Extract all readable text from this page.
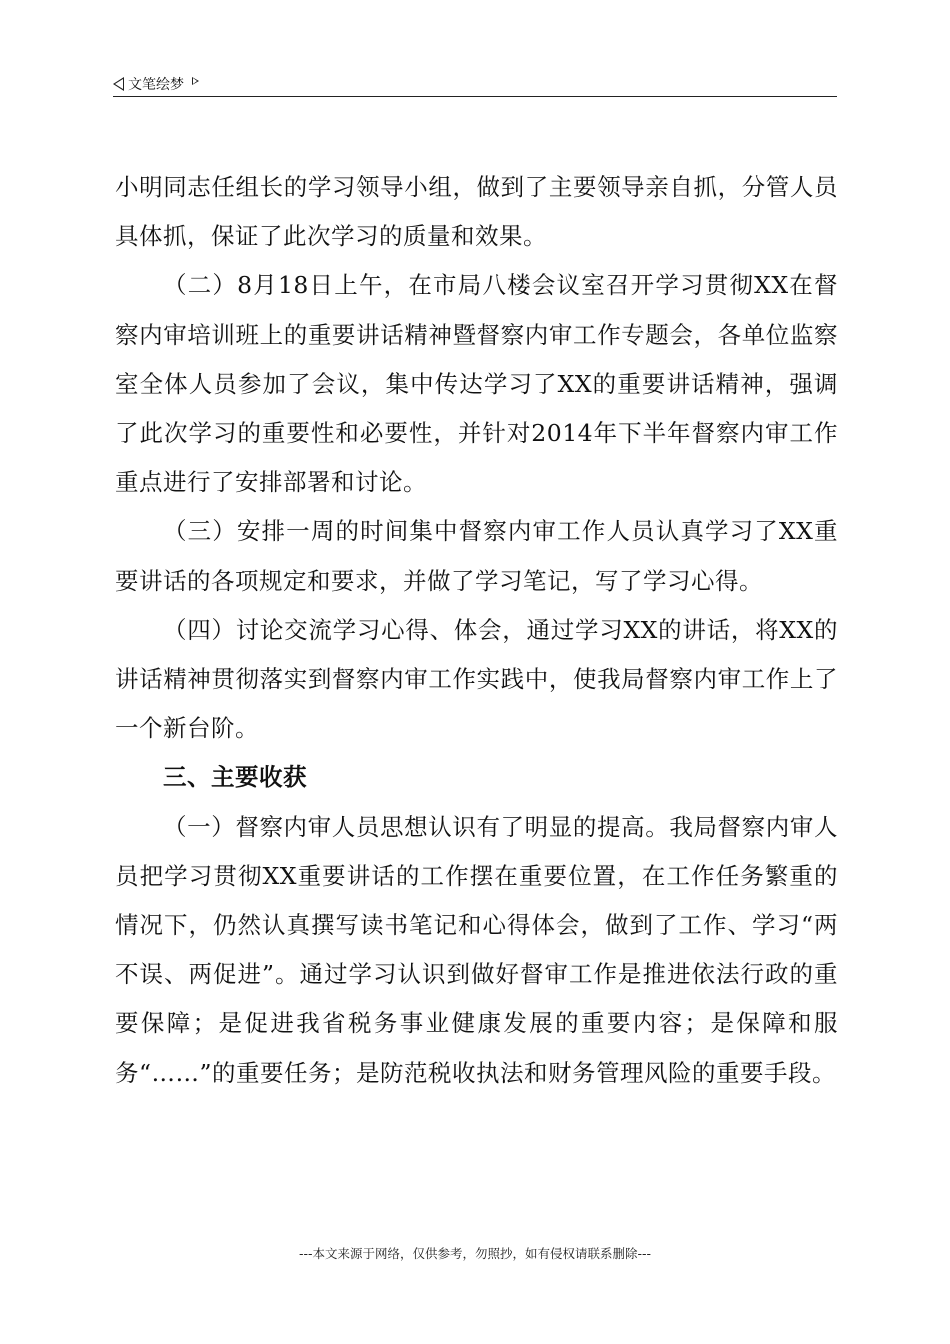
文笔绘梦

小明同志任组长的学习领导小组，做到了主要领导亲自抓，分管人员具体抓，保证了此次学习的质量和效果。

（二）8月18日上午，在市局八楼会议室召开学习贯彻XX在督察内审培训班上的重要讲话精神暨督察内审工作专题会，各单位监察室全体人员参加了会议，集中传达学习了XX的重要讲话精神，强调了此次学习的重要性和必要性，并针对2014年下半年督察内审工作重点进行了安排部署和讨论。

（三）安排一周的时间集中督察内审工作人员认真学习了XX重要讲话的各项规定和要求，并做了学习笔记，写了学习心得。

（四）讨论交流学习心得、体会，通过学习XX的讲话，将XX的讲话精神贯彻落实到督察内审工作实践中，使我局督察内审工作上了一个新台阶。

三、主要收获

（一）督察内审人员思想认识有了明显的提高。我局督察内审人员把学习贯彻XX重要讲话的工作摆在重要位置，在工作任务繁重的情况下，仍然认真撰写读书笔记和心得体会，做到了工作、学习“两不误、两促进”。通过学习认识到做好督审工作是推进依法行政的重要保障；是促进我省税务事业健康发展的重要内容；是保障和服务“……”的重要任务；是防范税收执法和财务管理风险的重要手段。

---本文来源于网络，仅供参考，勿照抄，如有侵权请联系删除---
